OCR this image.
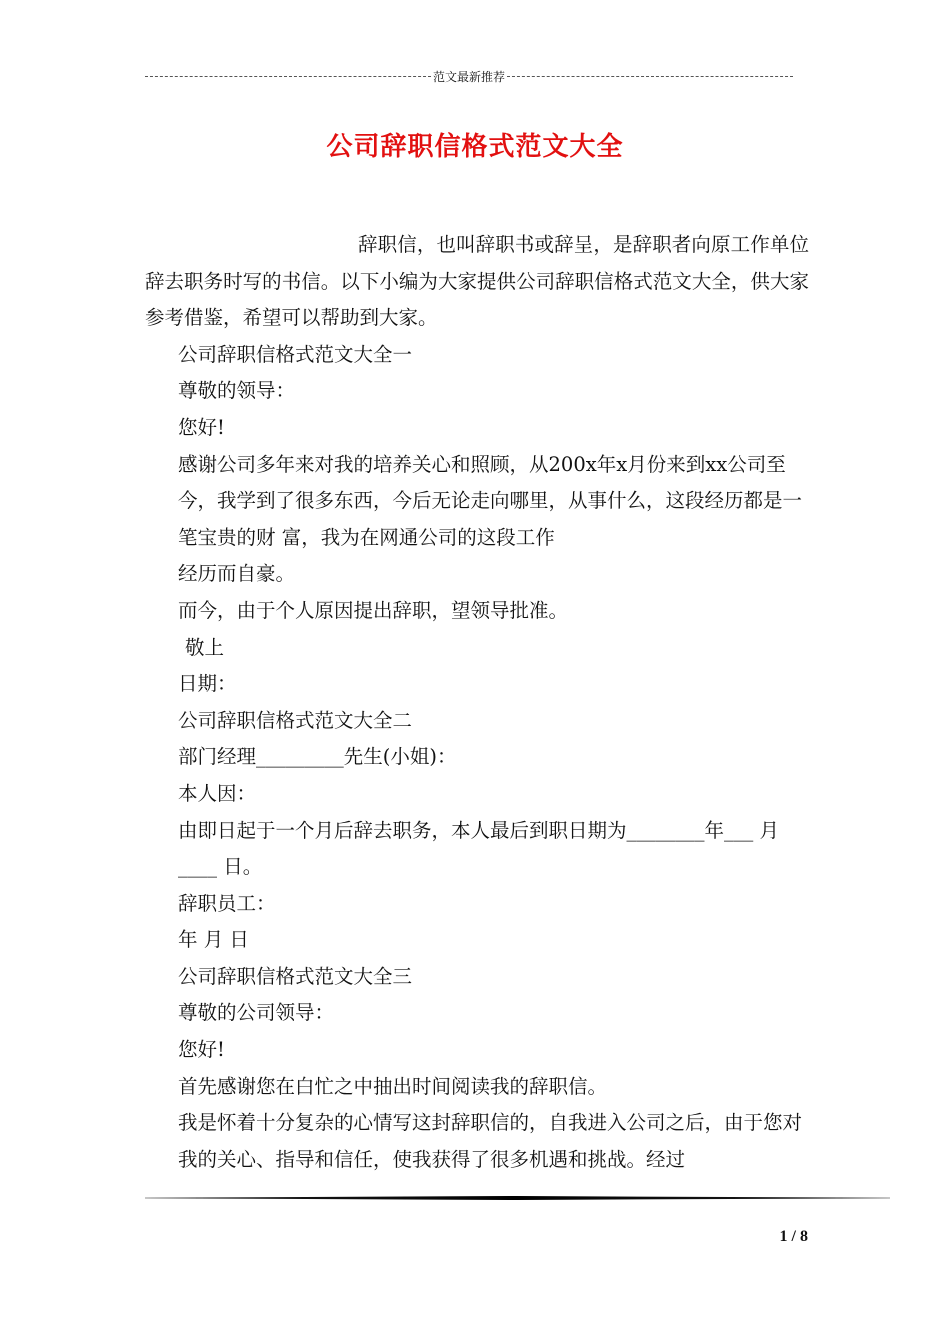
范文最新推荐
公司辞职信格式范文大全

辞职信，也叫辞职书或辞呈，是辞职者向原工作单位辞去职务时写的书信。以下小编为大家提供公司辞职信格式范文大全，供大家参考借鉴，希望可以帮助到大家。

公司辞职信格式范文大全一

尊敬的领导：

您好!

感谢公司多年来对我的培养关心和照顾，从200x年x月份来到xx公司至今，我学到了很多东西，今后无论走向哪里，从事什么，这段经历都是一笔宝贵的财 富，我为在网通公司的这段工作

经历而自豪。

而今，由于个人原因提出辞职，望领导批准。

敬上

日期：

公司辞职信格式范文大全二

部门经理_________先生(小姐)：

本人因：

由即日起于一个月后辞去职务，本人最后到职日期为________年___ 月____ 日。

辞职员工：

年 月 日

公司辞职信格式范文大全三

尊敬的公司领导：

您好!

首先感谢您在白忙之中抽出时间阅读我的辞职信。

我是怀着十分复杂的心情写这封辞职信的，自我进入公司之后，由于您对我的关心、指导和信任，使我获得了很多机遇和挑战。经过

1 / 8
